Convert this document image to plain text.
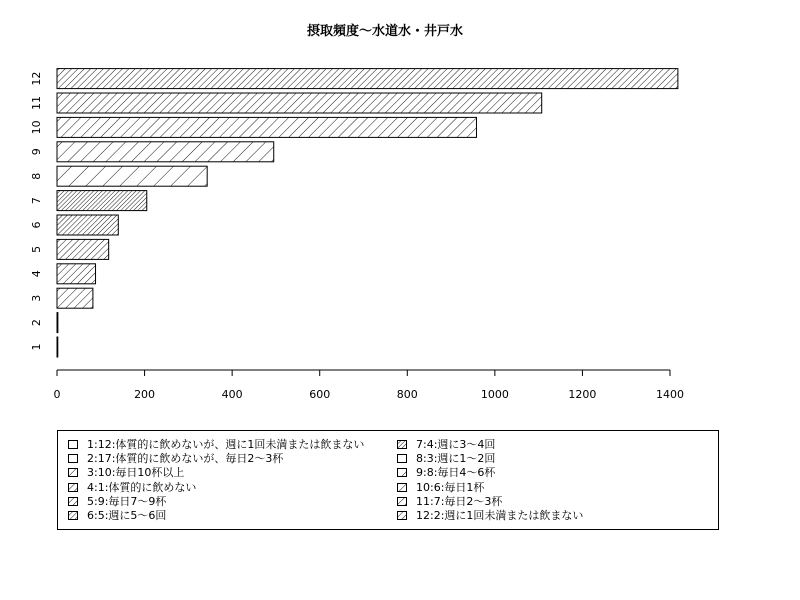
摂取頻度～水道水・井戸水
1
2
3
4
5
6
7
8
9
10
11
12
0	200	400	600	800	1000	1200	1400
1:12:体質的に飲めないが、週に1回未満または飲まない
2:17:体質的に飲めないが、毎日2～3杯
3:10:毎日10杯以上
4:1:体質的に飲めない
5:9:毎日7～9杯
6:5:週に5～6回
7:4:週に3～4回
8:3:週に1～2回
9:8:毎日4～6杯
10:6:毎日1杯
11:7:毎日2～3杯
12:2:週に1回未満または飲まない
